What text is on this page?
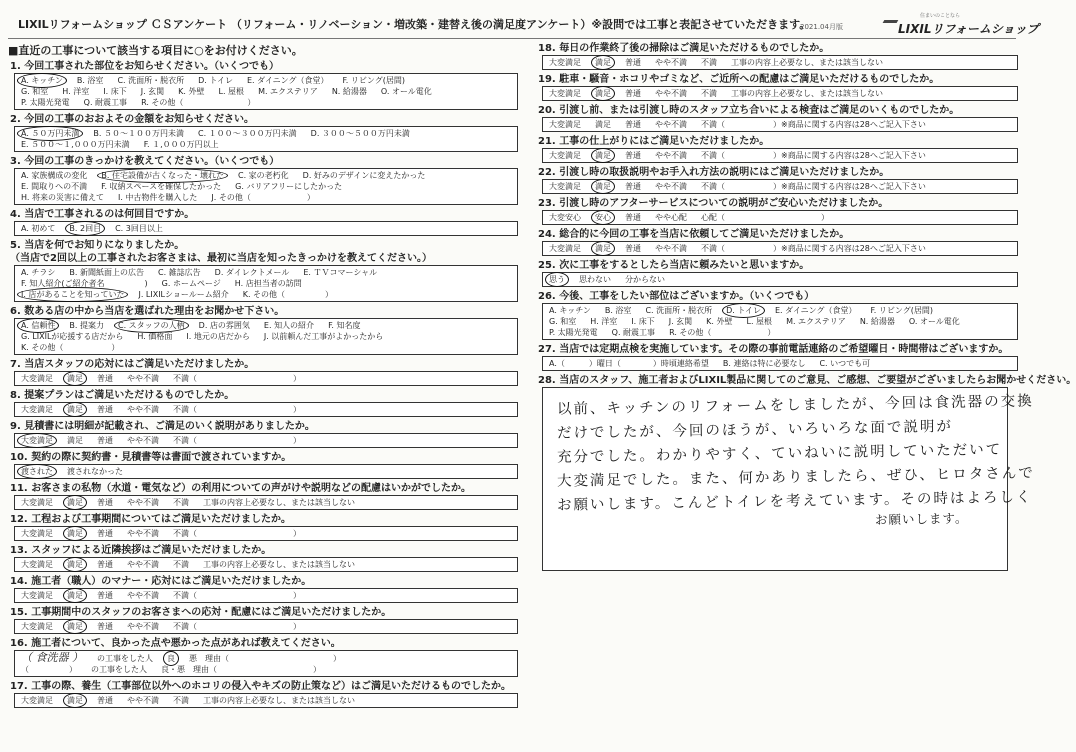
LIXILリフォームショップ ＣＳアンケート （リフォーム・リノベーション・増改築・建替え後の満足度アンケート）※設問では工事と表記させていただきます。
2021.04月版
住まいのことなら
LIXILリフォームショップ
■直近の工事について該当する項目に○をお付けください。
1. 今回工事された部位をお知らせください。（いくつでも）
A. キッチン B. 浴室 C. 洗面所・脱衣所 D. トイレ E. ダイニング（食堂） F. リビング(居間)
G. 和室 H. 洋室 I. 床下 J. 玄関 K. 外壁 L. 屋根 M. エクステリア N. 給湯器 O. オール電化
P. 太陽光発電 Q. 耐震工事 R. その他（　　　　　　　　）
2. 今回の工事のおおよその金額をお知らせください。
A. ５０万円未満 B. ５０～１００万円未満 C. １００～３００万円未満 D. ３００～５００万円未満
E. ５００～１,０００万円未満 F. １,０００万円以上
3. 今回の工事のきっかけを教えてください。（いくつでも）
A. 家族構成の変化 B. 住宅設備が古くなった・壊れた C. 家の老朽化 D. 好みのデザインに変えたかった
E. 間取りへの不満 F. 収納スペースを確保したかった G. バリアフリーにしたかった
H. 将来の災害に備えて I. 中古物件を購入した J. その他（　　　　　　　）
4. 当店で工事されるのは何回目ですか。
A. 初めて B. 2回目 C. 3回目以上
5. 当店を何でお知りになりましたか。
（当店で2回以上の工事されたお客さまは、最初に当店を知ったきっかけを教えてください。）
A. チラシ B. 新聞紙面上の広告 C. 雑誌広告 D. ダイレクトメール E. ＴＶコマーシャル
F. 知人紹介(ご紹介者名　　　　　) G. ホームページ H. 店担当者の訪問
I. 店があることを知っていた J. LIXILショールーム紹介 K. その他（　　　　　）
6. 数ある店の中から当店を選ばれた理由をお聞かせ下さい。
A. 信頼性 B. 提案力 C. スタッフの人柄 D. 店の雰囲気 E. 知人の紹介 F. 知名度
G. LIXILが応援する店だから H. 価格面 I. 地元の店だから J. 以前頼んだ工事がよかったから
K. その他（　　　　　　）
7. 当店スタッフの応対にはご満足いただけましたか。
大変満足 満足 普通 やや不満 不満（　　　　　　　　　　　　）
8. 提案プランはご満足いただけるものでしたか。
大変満足 満足 普通 やや不満 不満（　　　　　　　　　　　　）
9. 見積書には明細が記載され、ご満足のいく説明がありましたか。
大変満足 満足 普通 やや不満 不満（　　　　　　　　　　　　）
10. 契約の際に契約書・見積書等は書面で渡されていますか。
渡された 渡されなかった
11. お客さまの私物（水道・電気など）の利用についての声がけや説明などの配慮はいかがでしたか。
大変満足 満足 普通 やや不満 不満 工事の内容上必要なし、または該当しない
12. 工程および工事期間についてはご満足いただけましたか。
大変満足 満足 普通 やや不満 不満（　　　　　　　　　　　　）
13. スタッフによる近隣挨拶はご満足いただけましたか。
大変満足 満足 普通 やや不満 不満 工事の内容上必要なし、または該当しない
14. 施工者（職人）のマナー・応対にはご満足いただけましたか。
大変満足 満足 普通 やや不満 不満（　　　　　　　　　　　　）
15. 工事期間中のスタッフのお客さまへの応対・配慮にはご満足いただけましたか。
大変満足 満足 普通 やや不満 不満（　　　　　　　　　　　　）
16. 施工者について、良かった点や悪かった点があれば教えてください。
（ 食洗器 ） の工事をした人 良 悪　理由（　　　　　　　　　　　　　）
（　　　　　） の工事をした人 良・悪　理由（　　　　　　　　　　　　）
17. 工事の際、養生（工事部位以外へのホコリの侵入やキズの防止策など）はご満足いただけるものでしたか。
大変満足 満足 普通 やや不満 不満 工事の内容上必要なし、または該当しない
18. 毎日の作業終了後の掃除はご満足いただけるものでしたか。
大変満足 満足 普通 やや不満 不満 工事の内容上必要なし、または該当しない
19. 駐車・騒音・ホコリやゴミなど、ご近所への配慮はご満足いただけるものでしたか。
大変満足 満足 普通 やや不満 不満 工事の内容上必要なし、または該当しない
20. 引渡し前、または引渡し時のスタッフ立ち合いによる検査はご満足のいくものでしたか。
大変満足 満足 普通 やや不満 不満（　　　　　　）※商品に関する内容は28へご記入下さい
21. 工事の仕上がりにはご満足いただけましたか。
大変満足 満足 普通 やや不満 不満（　　　　　　）※商品に関する内容は28へご記入下さい
22. 引渡し時の取扱説明やお手入れ方法の説明にはご満足いただけましたか。
大変満足 満足 普通 やや不満 不満（　　　　　　）※商品に関する内容は28へご記入下さい
23. 引渡し時のアフターサービスについての説明がご安心いただけましたか。
大変安心 安心 普通 やや心配 心配（　　　　　　　　　　　　）
24. 総合的に今回の工事を当店に依頼してご満足いただけましたか。
大変満足 満足 普通 やや不満 不満（　　　　　　）※商品に関する内容は28へご記入下さい
25. 次に工事をするとしたら当店に頼みたいと思いますか。
思う 思わない 分からない
26. 今後、工事をしたい部位はございますか。（いくつでも）
A. キッチン B. 浴室 C. 洗面所・脱衣所 D. トイレ E. ダイニング（食堂） F. リビング(居間)
G. 和室 H. 洋室 I. 床下 J. 玄関 K. 外壁 L. 屋根 M. エクステリア N. 給湯器 O. オール電化
P. 太陽光発電 Q. 耐震工事 R. その他（　　　　　　　）
27. 当店では定期点検を実施しています。その際の事前電話連絡のご希望曜日・時間帯はございますか。
A.（　　　）曜日（　　　　）時頃連絡希望 B. 連絡は特に必要なし C. いつでも可
28. 当店のスタッフ、施工者およびLIXIL製品に関してのご意見、ご感想、ご要望がございましたらお聞かせください。
以前、キッチンのリフォームをしましたが、今回は食洗器の交換
だけでしたが、今回のほうが、いろいろな面で説明が
充分でした。わかりやすく、ていねいに説明していただいて
大変満足でした。また、何かありましたら、ぜひ、ヒロタさんで
お願いします。こんどトイレを考えています。その時はよろしく
お願いします。
